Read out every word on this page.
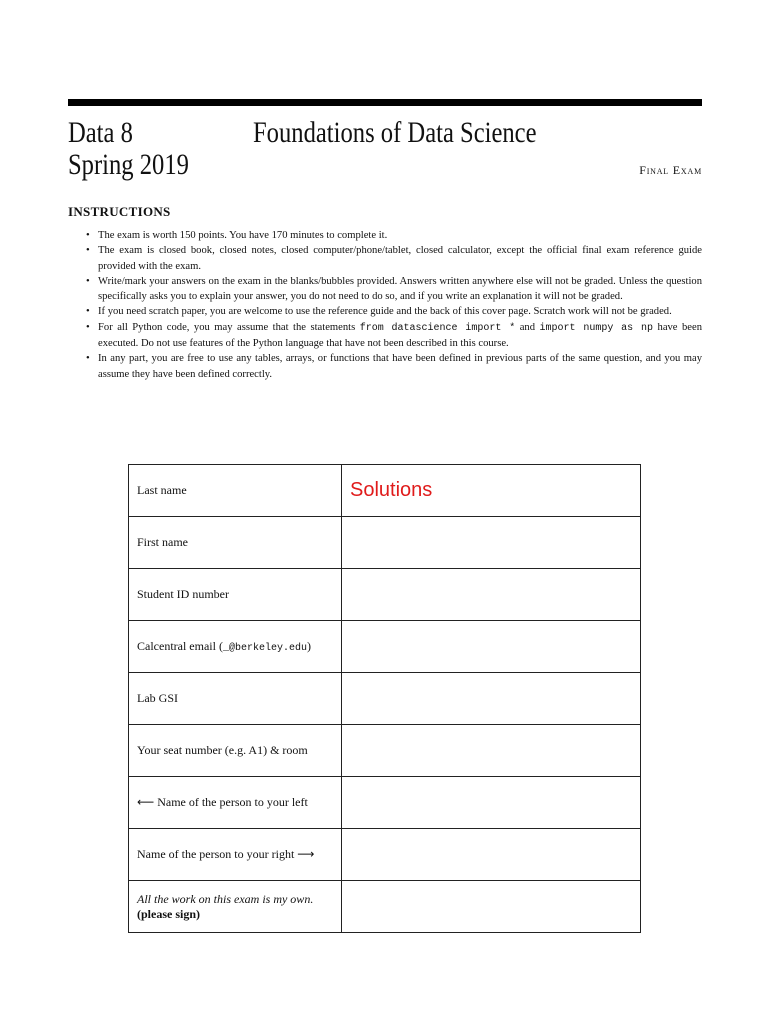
Data 8
Spring 2019
Foundations of Data Science
Final Exam
INSTRUCTIONS
• The exam is worth 150 points. You have 170 minutes to complete it.
• The exam is closed book, closed notes, closed computer/phone/tablet, closed calculator, except the official final exam reference guide provided with the exam.
• Write/mark your answers on the exam in the blanks/bubbles provided. Answers written anywhere else will not be graded. Unless the question specifically asks you to explain your answer, you do not need to do so, and if you write an explanation it will not be graded.
• If you need scratch paper, you are welcome to use the reference guide and the back of this cover page. Scratch work will not be graded.
• For all Python code, you may assume that the statements from datascience import * and import numpy as np have been executed. Do not use features of the Python language that have not been described in this course.
• In any part, you are free to use any tables, arrays, or functions that have been defined in previous parts of the same question, and you may assume they have been defined correctly.
Last name	Solutions
First name	
Student ID number	
Calcentral email (_@berkeley.edu)	
Lab GSI	
Your seat number (e.g. A1) & room	
⟵ Name of the person to your left	
Name of the person to your right ⟶	

All the work on this exam is my own.
(please sign)	
